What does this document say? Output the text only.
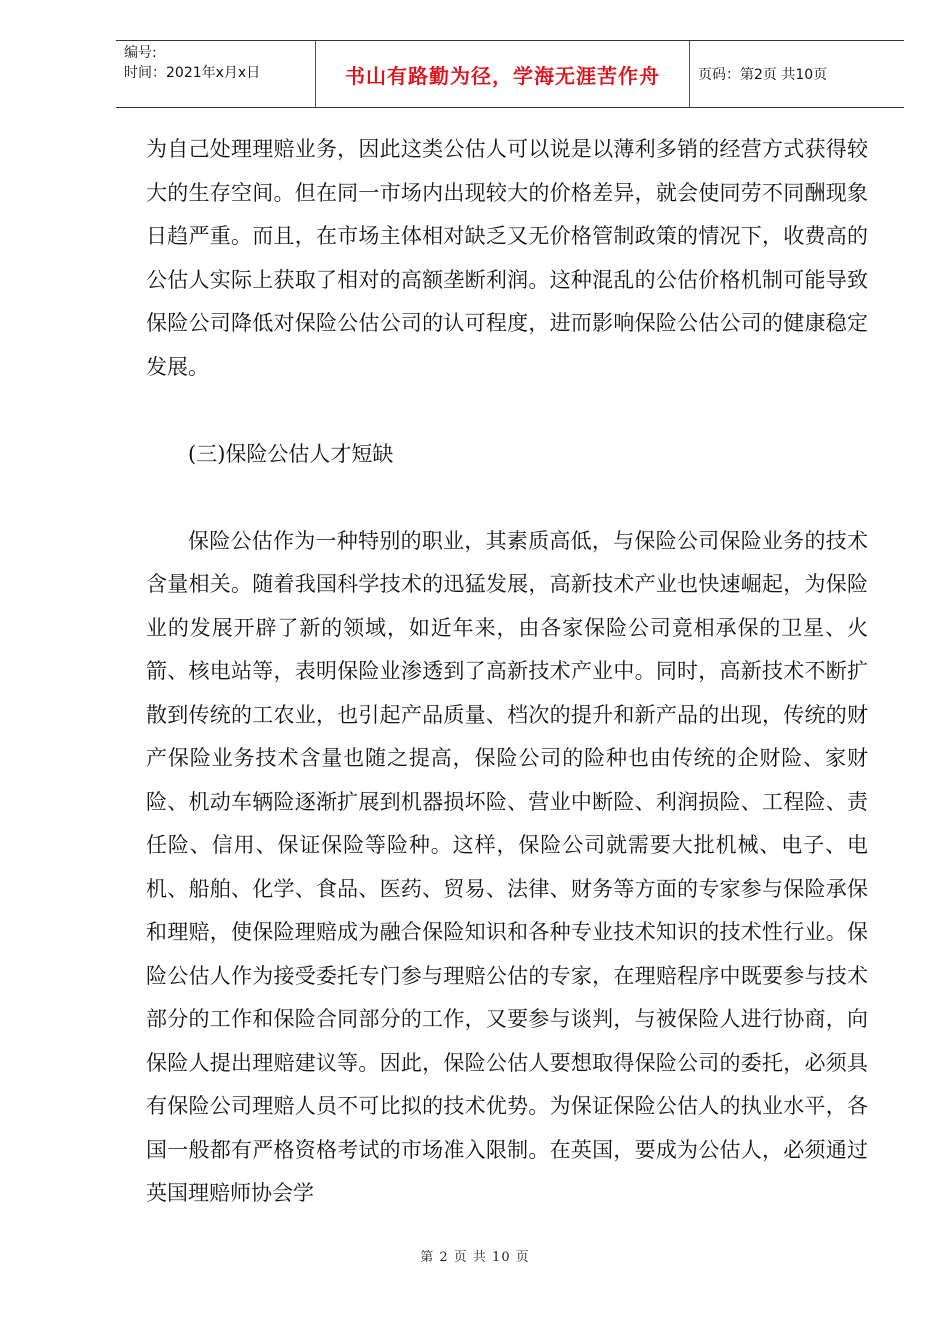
编号:
时间：2021年x月x日	书山有路勤为径，学海无涯苦作舟	页码：第2页 共10页

为自己处理理赔业务，因此这类公估人可以说是以薄利多销的经营方式获得较大的生存空间。但在同一市场内出现较大的价格差异，就会使同劳不同酬现象日趋严重。而且，在市场主体相对缺乏又无价格管制政策的情况下，收费高的公估人实际上获取了相对的高额垄断利润。这种混乱的公估价格机制可能导致保险公司降低对保险公估公司的认可程度，进而影响保险公估公司的健康稳定发展。

(三)保险公估人才短缺

保险公估作为一种特别的职业，其素质高低，与保险公司保险业务的技术含量相关。随着我国科学技术的迅猛发展，高新技术产业也快速崛起，为保险业的发展开辟了新的领域，如近年来，由各家保险公司竟相承保的卫星、火箭、核电站等，表明保险业渗透到了高新技术产业中。同时，高新技术不断扩散到传统的工农业，也引起产品质量、档次的提升和新产品的出现，传统的财产保险业务技术含量也随之提高，保险公司的险种也由传统的企财险、家财险、机动车辆险逐渐扩展到机器损坏险、营业中断险、利润损险、工程险、责任险、信用、保证保险等险种。这样，保险公司就需要大批机械、电子、电机、船舶、化学、食品、医药、贸易、法律、财务等方面的专家参与保险承保和理赔，使保险理赔成为融合保险知识和各种专业技术知识的技术性行业。保险公估人作为接受委托专门参与理赔公估的专家，在理赔程序中既要参与技术部分的工作和保险合同部分的工作，又要参与谈判，与被保险人进行协商，向保险人提出理赔建议等。因此，保险公估人要想取得保险公司的委托，必须具有保险公司理赔人员不可比拟的技术优势。为保证保险公估人的执业水平，各国一般都有严格资格考试的市场准入限制。在英国，要成为公估人，必须通过英国理赔师协会学

第 2 页 共 10 页
